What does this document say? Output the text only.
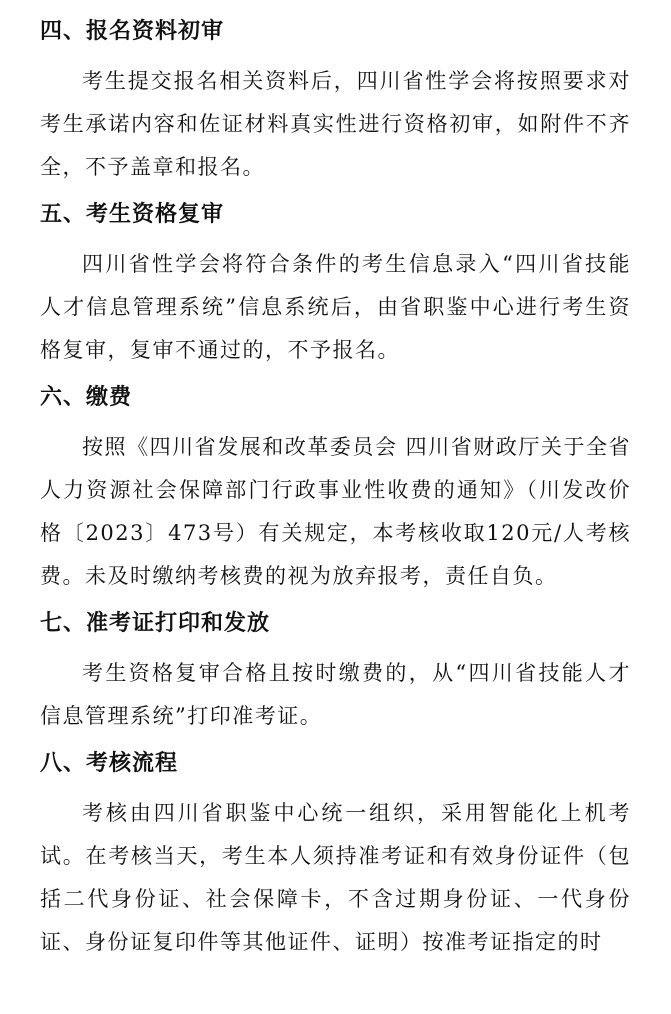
四、报名资料初审

考生提交报名相关资料后，四川省性学会将按照要求对考生承诺内容和佐证材料真实性进行资格初审，如附件不齐全，不予盖章和报名。

五、考生资格复审

四川省性学会将符合条件的考生信息录入“四川省技能人才信息管理系统”信息系统后，由省职鉴中心进行考生资格复审，复审不通过的，不予报名。

六、缴费

按照《四川省发展和改革委员会 四川省财政厅关于全省人力资源社会保障部门行政事业性收费的通知》（川发改价格〔2023〕473号）有关规定，本考核收取120元/人考核费。未及时缴纳考核费的视为放弃报考，责任自负。

七、准考证打印和发放

考生资格复审合格且按时缴费的，从“四川省技能人才信息管理系统”打印准考证。

八、考核流程

考核由四川省职鉴中心统一组织，采用智能化上机考试。在考核当天，考生本人须持准考证和有效身份证件（包括二代身份证、社会保障卡，不含过期身份证、一代身份证、身份证复印件等其他证件、证明）按准考证指定的时
